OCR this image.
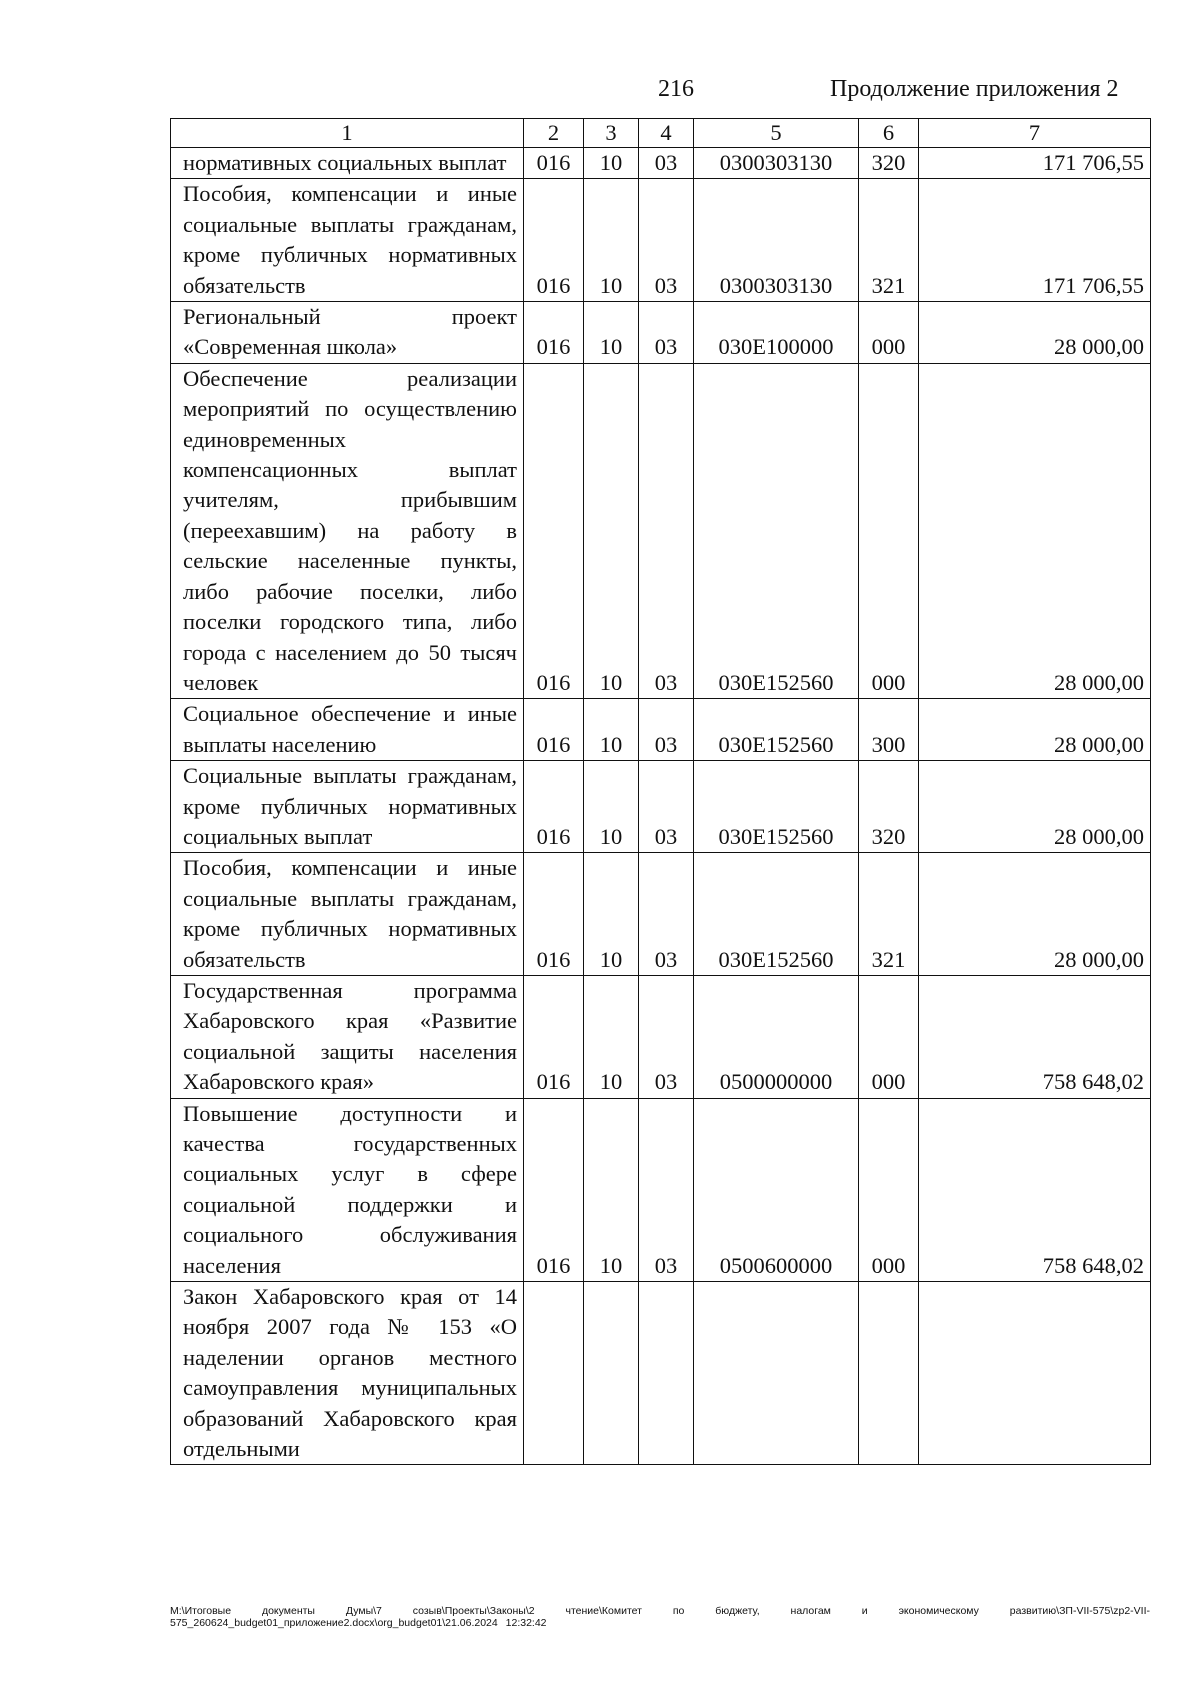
216	Продолжение приложения 2
1	2	3	4	5	6	7
нормативных социальных выплат	016	10	03	0300303130	320	171 706,55
Пособия, компенсации и иные социальные выплаты гражданам, кроме публичных нормативных обязательств	016	10	03	0300303130	321	171 706,55
Региональный проект «Современная школа»	016	10	03	030E100000	000	28 000,00
Обеспечение реализации мероприятий по осуществлению единовременных компенсационных выплат учителям, прибывшим (переехавшим) на работу в сельские населенные пункты, либо рабочие поселки, либо поселки городского типа, либо города с населением до 50 тысяч человек	016	10	03	030E152560	000	28 000,00
Социальное обеспечение и иные выплаты населению	016	10	03	030E152560	300	28 000,00
Социальные выплаты гражданам, кроме публичных нормативных социальных выплат	016	10	03	030E152560	320	28 000,00
Пособия, компенсации и иные социальные выплаты гражданам, кроме публичных нормативных обязательств	016	10	03	030E152560	321	28 000,00
Государственная программа Хабаровского края «Развитие социальной защиты населения Хабаровского края»	016	10	03	0500000000	000	758 648,02
Повышение доступности и качества государственных социальных услуг в сфере социальной поддержки и социального обслуживания населения	016	10	03	0500600000	000	758 648,02
Закон Хабаровского края от 14 ноября 2007 года № 153 «О наделении органов местного самоуправления муниципальных образований Хабаровского края отдельными						
M:\Итоговые документы Думы\7 созыв\Проекты\Законы\2 чтение\Комитет по бюджету, налогам и экономическому развитию\ЗП-VII-575\zp2-VII-575_260624_budget01_приложение2.docx\org_budget01\21.06.2024 12:32:42
